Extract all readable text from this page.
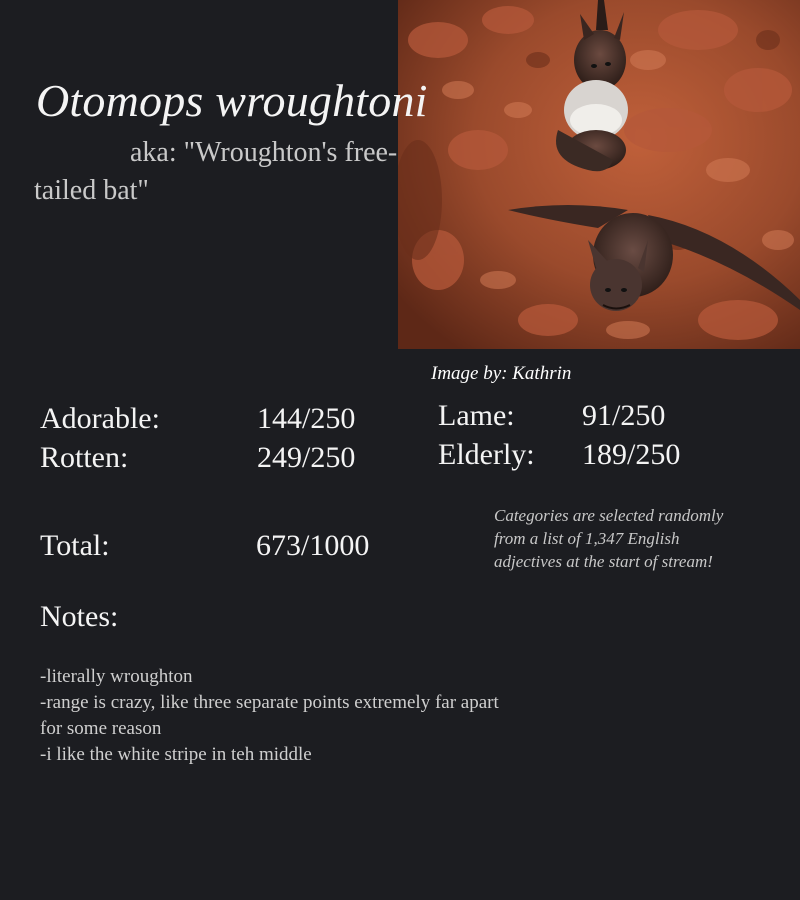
Otomops wroughtoni
aka: "Wroughton's free-tailed bat"
Image by: Kathrin
Adorable:	144/250
Rotten:	249/250
Lame: 91/250
Elderly: 189/250
Total:	673/1000
Categories are selected randomly from a list of 1,347 English adjectives at the start of stream!
Notes:
-literally wroughton
-range is crazy, like three separate points extremely far apart for some reason
-i like the white stripe in teh middle
